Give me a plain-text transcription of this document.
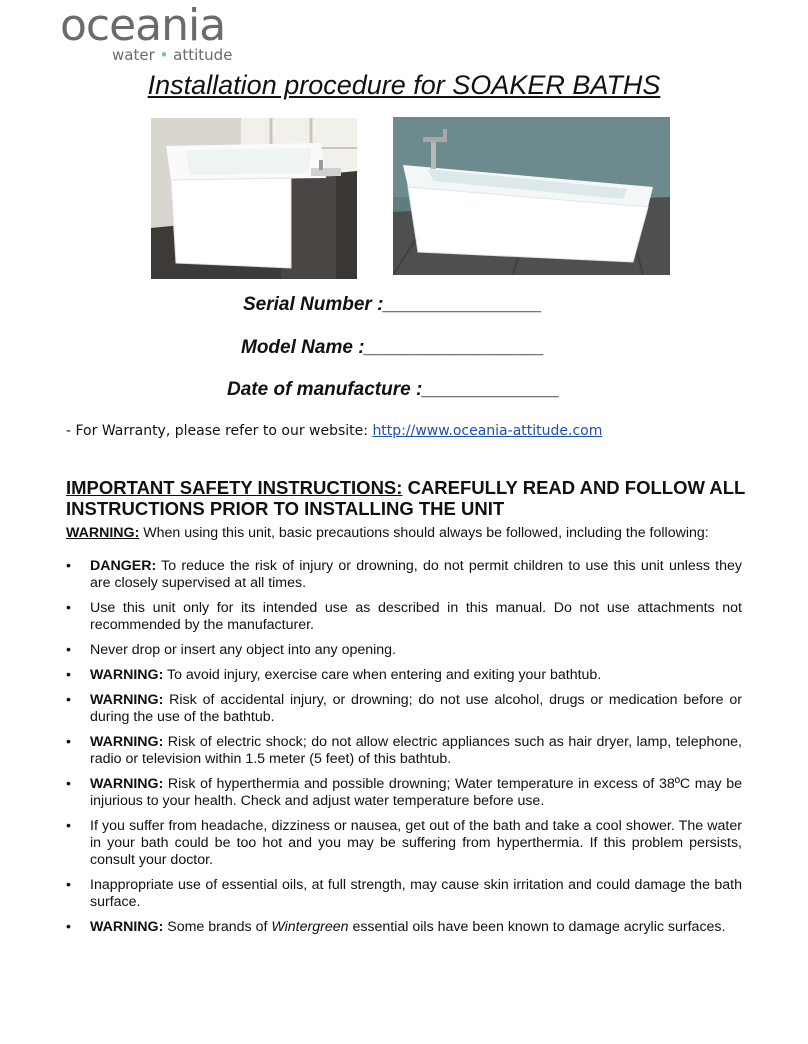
oceania
water • attitude
Installation procedure for SOAKER BATHS
Serial Number :_______________
Model Name :_________________
Date of manufacture :_____________
- For Warranty, please refer to our website: http://www.oceania-attitude.com
IMPORTANT SAFETY INSTRUCTIONS: CAREFULLY READ AND FOLLOW ALL INSTRUCTIONS PRIOR TO INSTALLING THE UNIT
WARNING: When using this unit, basic precautions should always be followed, including the following:
• DANGER: To reduce the risk of injury or drowning, do not permit children to use this unit unless they are closely supervised at all times.
• Use this unit only for its intended use as described in this manual. Do not use attachments not recommended by the manufacturer.
• Never drop or insert any object into any opening.
• WARNING: To avoid injury, exercise care when entering and exiting your bathtub.
• WARNING: Risk of accidental injury, or drowning; do not use alcohol, drugs or medication before or during the use of the bathtub.
• WARNING: Risk of electric shock; do not allow electric appliances such as hair dryer, lamp, telephone, radio or television within 1.5 meter (5 feet) of this bathtub.
• WARNING: Risk of hyperthermia and possible drowning; Water temperature in excess of 38ºC may be injurious to your health. Check and adjust water temperature before use.
• If you suffer from headache, dizziness or nausea, get out of the bath and take a cool shower. The water in your bath could be too hot and you may be suffering from hyperthermia. If this problem persists, consult your doctor.
• Inappropriate use of essential oils, at full strength, may cause skin irritation and could damage the bath surface.
• WARNING: Some brands of Wintergreen essential oils have been known to damage acrylic surfaces.
